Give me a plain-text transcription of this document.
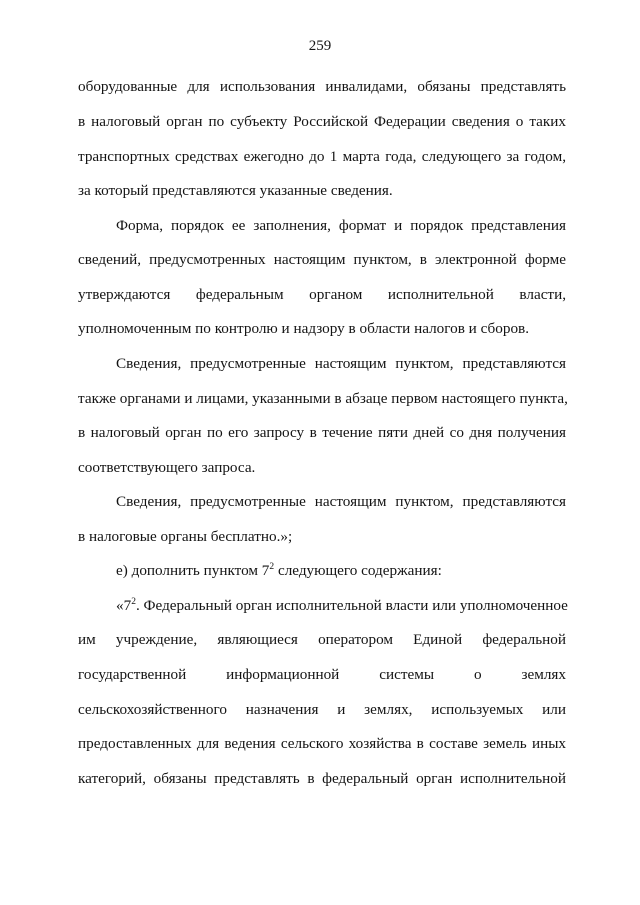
259
оборудованные для использования инвалидами, обязаны представлять
в налоговый орган по субъекту Российской Федерации сведения о таких
транспортных средствах ежегодно до 1 марта года, следующего за годом,
за который представляются указанные сведения.
Форма, порядок ее заполнения, формат и порядок представления
сведений, предусмотренных настоящим пунктом, в электронной форме
утверждаются федеральным органом исполнительной власти,
уполномоченным по контролю и надзору в области налогов и сборов.
Сведения, предусмотренные настоящим пунктом, представляются
также органами и лицами, указанными в абзаце первом настоящего пункта,
в налоговый орган по его запросу в течение пяти дней со дня получения
соответствующего запроса.
Сведения, предусмотренные настоящим пунктом, представляются
в налоговые органы бесплатно.»;
е) дополнить пунктом $7^2$ следующего содержания:
«$7^2$. Федеральный орган исполнительной власти или уполномоченное
им учреждение, являющиеся оператором Единой федеральной
государственной информационной системы о землях
сельскохозяйственного назначения и землях, используемых или
предоставленных для ведения сельского хозяйства в составе земель иных
категорий, обязаны представлять в федеральный орган исполнительной
